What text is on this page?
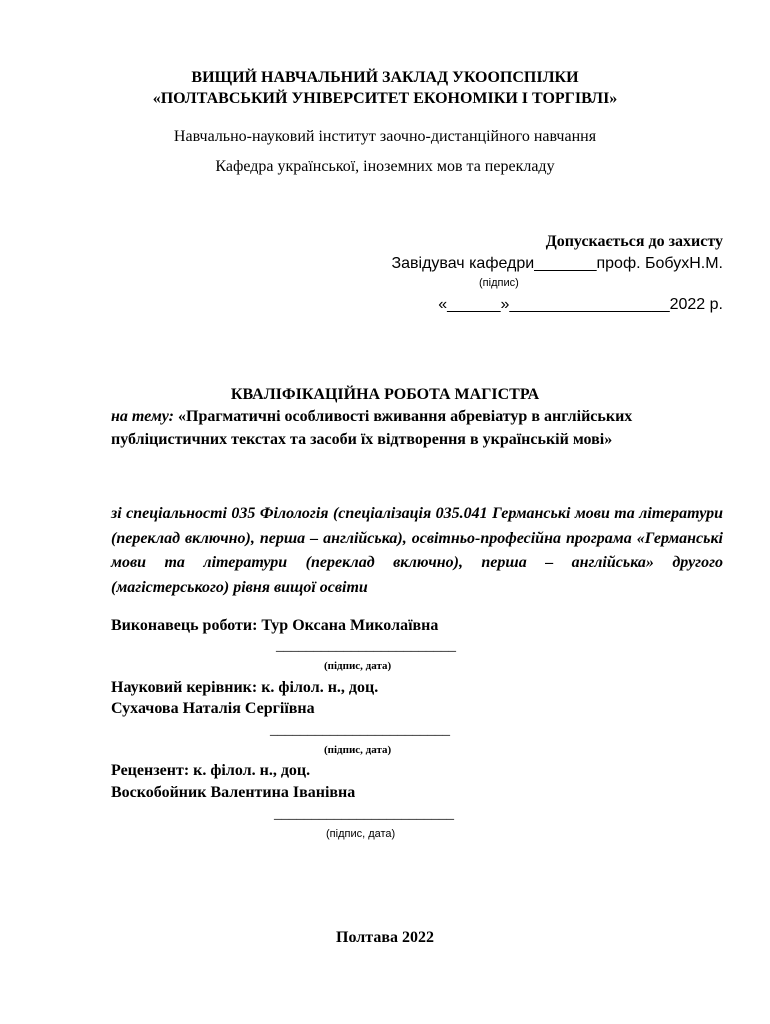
ВИЩИЙ НАВЧАЛЬНИЙ ЗАКЛАД УКООПСПІЛКИ
«ПОЛТАВСЬКИЙ УНІВЕРСИТЕТ ЕКОНОМІКИ І ТОРГІВЛІ»
Навчально-науковий інститут заочно-дистанційного навчання
Кафедра української, іноземних мов та перекладу
Допускається до захисту
Завідувач кафедри_______проф. БобухН.М.
(підпис)
«______»__________________2022 р.
КВАЛІФІКАЦІЙНА РОБОТА МАГІСТРА
на тему: «Прагматичні особливості вживання абревіатур в англійських
публіцистичних текстах та засоби їх відтворення в українській мові»
зі спеціальності 035 Філологія (спеціалізація 035.041 Германські мови та літератури (переклад включно), перша – англійська), освітньо-професійна програма «Германські мови та літератури (переклад включно), перша – англійська» другого (магістерського) рівня вищої освіти
Виконавець роботи: Тур Оксана Миколаївна
________________________
(підпис, дата)
Науковий керівник: к. філол. н., доц.
Сухачова Наталія Сергіївна
________________________
(підпис, дата)
Рецензент: к. філол. н., доц.
Воскобойник Валентина Іванівна
________________________
(підпис, дата)
Полтава 2022
